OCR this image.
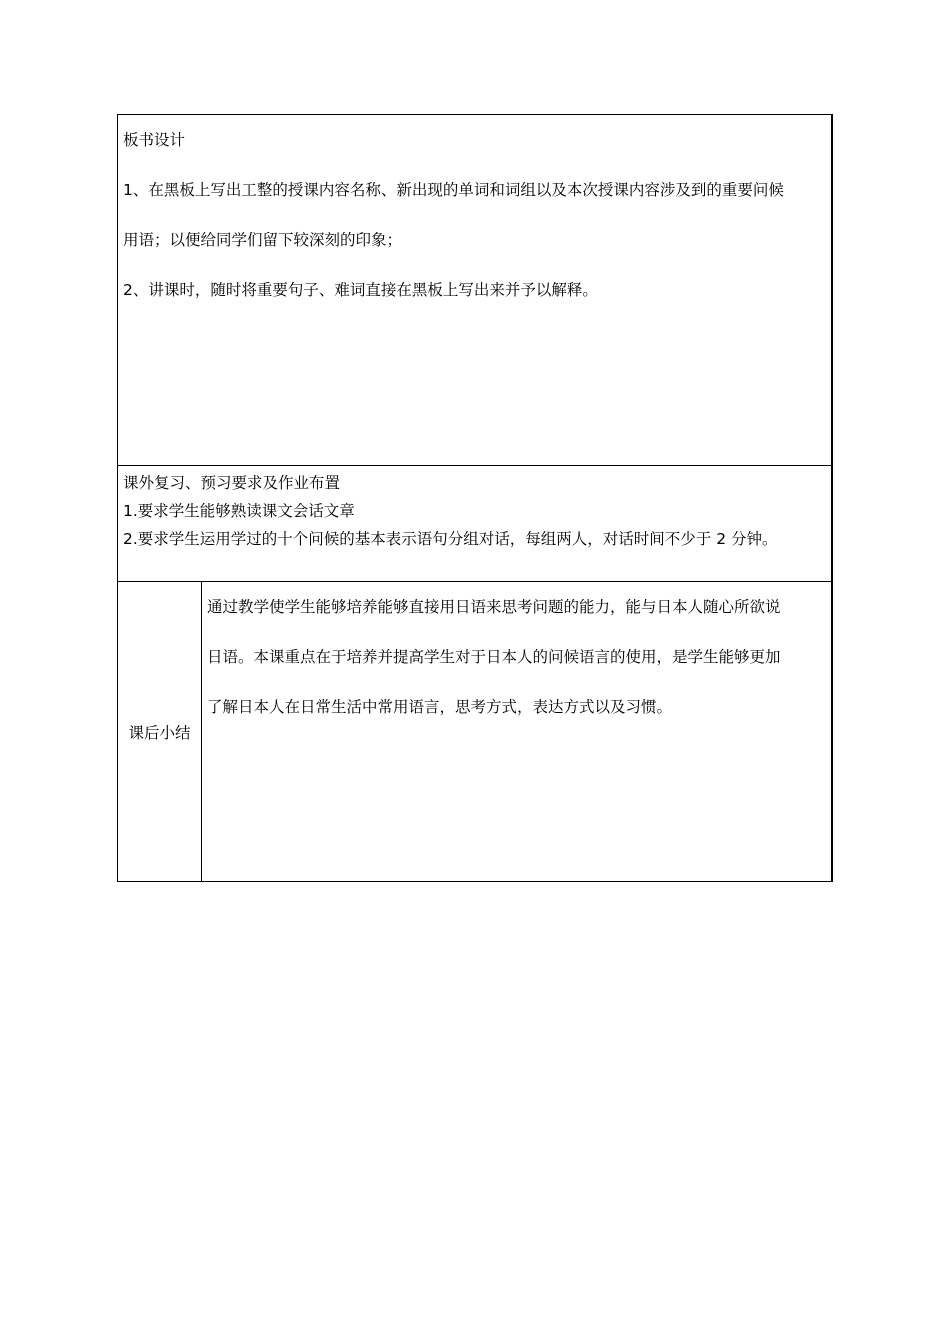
板书设计
1、在黑板上写出工整的授课内容名称、新出现的单词和词组以及本次授课内容涉及到的重要问候
用语；以便给同学们留下较深刻的印象；
2、讲课时，随时将重要句子、难词直接在黑板上写出来并予以解释。
课外复习、预习要求及作业布置
1.要求学生能够熟读课文会话文章
2.要求学生运用学过的十个问候的基本表示语句分组对话，每组两人，对话时间不少于 2 分钟。
课后小结
通过教学使学生能够培养能够直接用日语来思考问题的能力，能与日本人随心所欲说
日语。本课重点在于培养并提高学生对于日本人的问候语言的使用，是学生能够更加
了解日本人在日常生活中常用语言，思考方式，表达方式以及习惯。
